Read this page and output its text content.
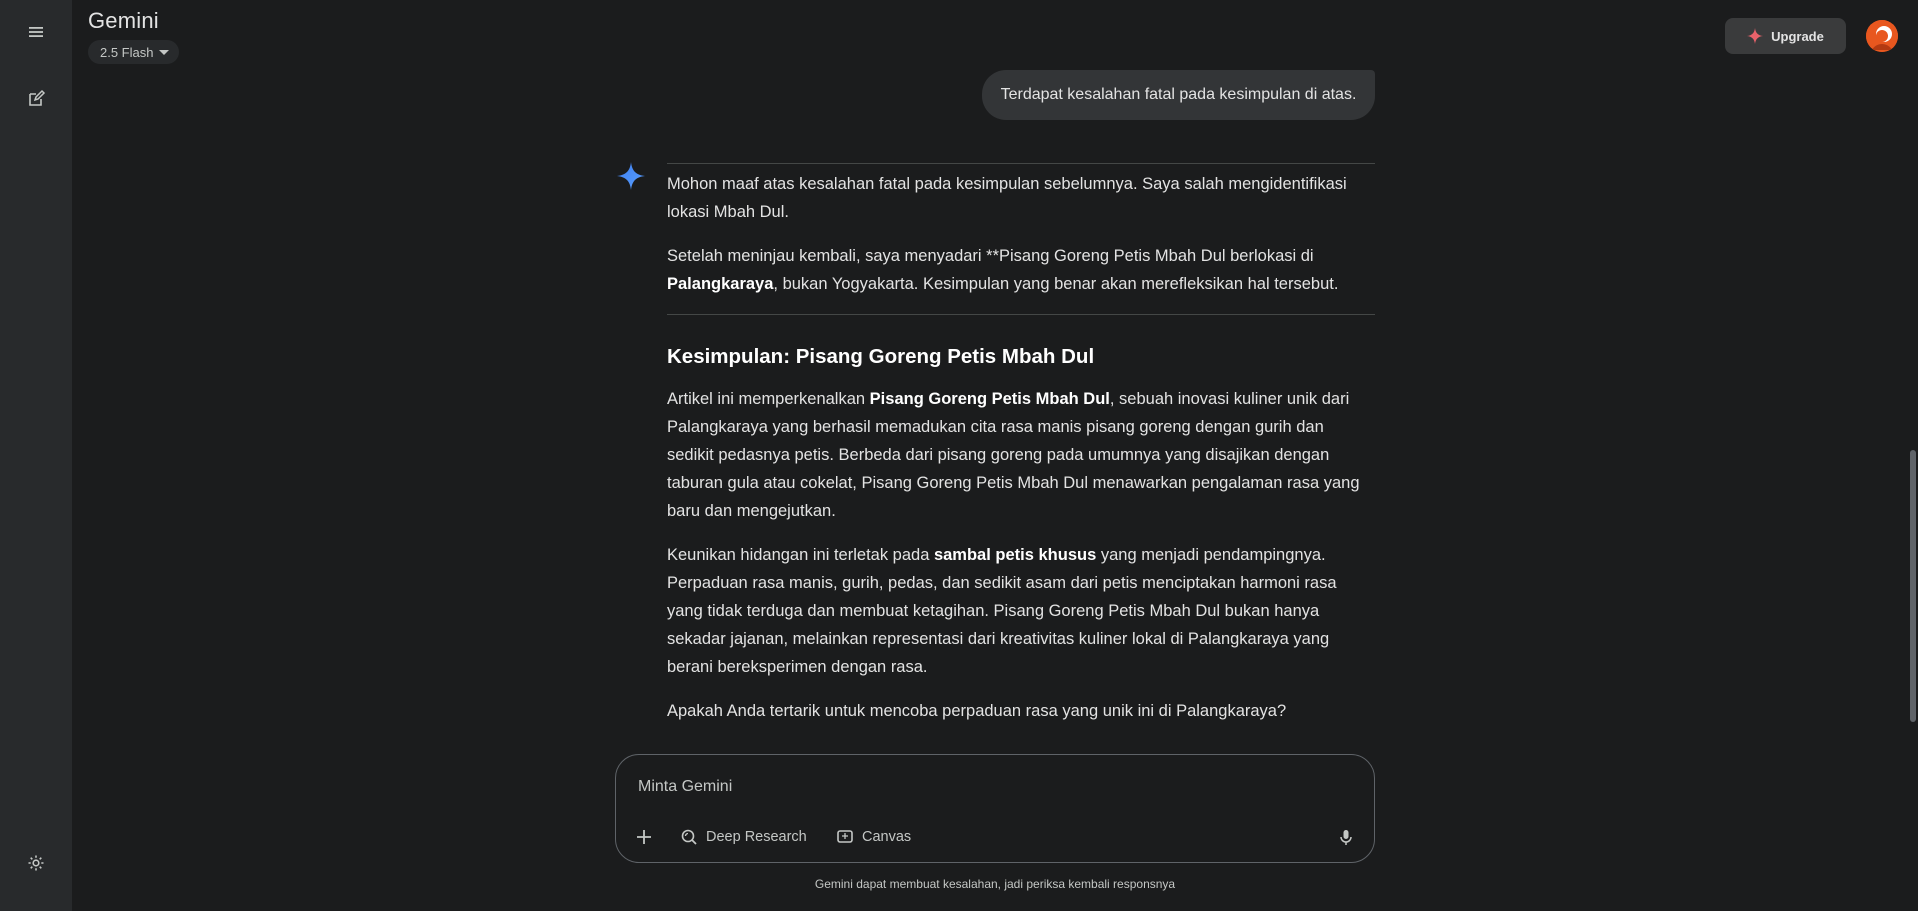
Gemini
2.5 Flash
Upgrade
Terdapat kesalahan fatal pada kesimpulan di atas.

Mohon maaf atas kesalahan fatal pada kesimpulan sebelumnya. Saya salah mengidentifikasi lokasi Mbah Dul.

Setelah meninjau kembali, saya menyadari **Pisang Goreng Petis Mbah Dul berlokasi di Palangkaraya, bukan Yogyakarta. Kesimpulan yang benar akan merefleksikan hal tersebut.

Kesimpulan: Pisang Goreng Petis Mbah Dul

Artikel ini memperkenalkan Pisang Goreng Petis Mbah Dul, sebuah inovasi kuliner unik dari Palangkaraya yang berhasil memadukan cita rasa manis pisang goreng dengan gurih dan sedikit pedasnya petis. Berbeda dari pisang goreng pada umumnya yang disajikan dengan taburan gula atau cokelat, Pisang Goreng Petis Mbah Dul menawarkan pengalaman rasa yang baru dan mengejutkan.

Keunikan hidangan ini terletak pada sambal petis khusus yang menjadi pendampingnya. Perpaduan rasa manis, gurih, pedas, dan sedikit asam dari petis menciptakan harmoni rasa yang tidak terduga dan membuat ketagihan. Pisang Goreng Petis Mbah Dul bukan hanya sekadar jajanan, melainkan representasi dari kreativitas kuliner lokal di Palangkaraya yang berani bereksperimen dengan rasa.

Apakah Anda tertarik untuk mencoba perpaduan rasa yang unik ini di Palangkaraya?

Minta Gemini
Deep Research	Canvas
Gemini dapat membuat kesalahan, jadi periksa kembali responsnya
